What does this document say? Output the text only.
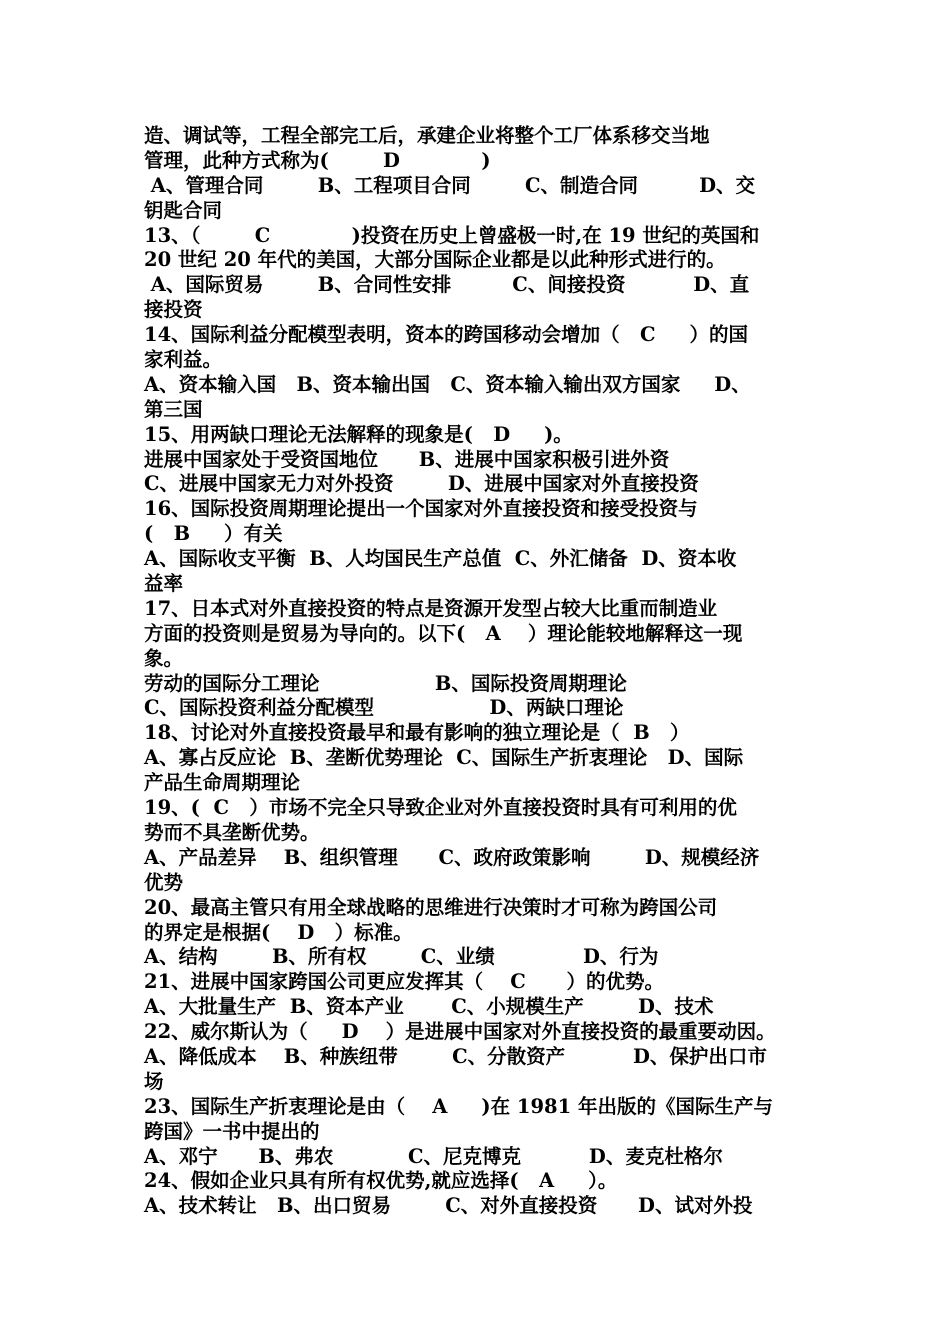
造、调试等，工程全部完工后，承建企业将整个工厂体系移交当地
管理，此种方式称为(        D            )
A、管理合同        B、工程项目合同        C、制造合同         D、交
钥匙合同
13、（        C            )投资在历史上曾盛极一时,在 19 世纪的英国和
20 世纪 20 年代的美国，大部分国际企业都是以此种形式进行的。
A、国际贸易        B、合同性安排         C、间接投资          D、直
接投资
14、国际利益分配模型表明，资本的跨国移动会增加（   C     ）的国
家利益。
A、资本输入国   B、资本输出国   C、资本输入输出双方国家     D、
第三国
15、用两缺口理论无法解释的现象是(   D     )。
进展中国家处于受资国地位      B、进展中国家积极引进外资
C、进展中国家无力对外投资        D、进展中国家对外直接投资
16、国际投资周期理论提出一个国家对外直接投资和接受投资与
(   B     ）有关
A、国际收支平衡  B、人均国民生产总值  C、外汇储备  D、资本收
益率
17、日本式对外直接投资的特点是资源开发型占较大比重而制造业
方面的投资则是贸易为导向的。以下(   A    ）理论能较地解释这一现
象。
劳动的国际分工理论                 B、国际投资周期理论
C、国际投资利益分配模型                 D、两缺口理论
18、讨论对外直接投资最早和最有影响的独立理论是（  B   ）
A、寡占反应论  B、垄断优势理论  C、国际生产折衷理论   D、国际
产品生命周期理论
19、(  C   ）市场不完全只导致企业对外直接投资时具有可利用的优
势而不具垄断优势。
A、产品差异    B、组织管理      C、政府政策影响        D、规模经济
优势
20、最高主管只有用全球战略的思维进行决策时才可称为跨国公司
的界定是根据(    D   ）标准。
A、结构        B、所有权        C、业绩             D、行为
21、进展中国家跨国公司更应发挥其（    C      ）的优势。
A、大批量生产  B、资本产业       C、小规模生产        D、技术
22、威尔斯认为（     D    ）是进展中国家对外直接投资的最重要动因。
A、降低成本    B、种族纽带        C、分散资产          D、保护出口市
场
23、国际生产折衷理论是由（    A     )在 1981 年出版的《国际生产与
跨国》一书中提出的
A、邓宁      B、弗农           C、尼克博克          D、麦克杜格尔
24、假如企业只具有所有权优势,就应选择(   A     ）。
A、技术转让   B、出口贸易        C、对外直接投资      D、试对外投
